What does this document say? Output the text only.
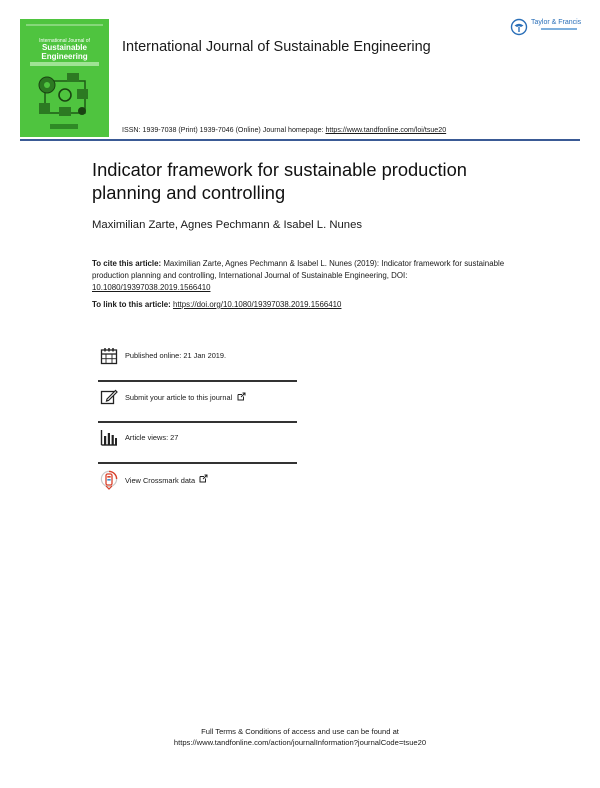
International Journal of
Sustainable Engineering
International Journal of Sustainable Engineering
Taylor & Francis
ISSN: 1939-7038 (Print) 1939-7046 (Online) Journal homepage: https://www.tandfonline.com/loi/tsue20
Indicator framework for sustainable production planning and controlling
Maximilian Zarte, Agnes Pechmann & Isabel L. Nunes
To cite this article: Maximilian Zarte, Agnes Pechmann & Isabel L. Nunes (2019): Indicator framework for sustainable production planning and controlling, International Journal of Sustainable Engineering, DOI: 10.1080/19397038.2019.1566410
To link to this article: https://doi.org/10.1080/19397038.2019.1566410
Published online: 21 Jan 2019.
Submit your article to this journal
Article views: 27
View Crossmark data
Full Terms & Conditions of access and use can be found at
https://www.tandfonline.com/action/journalInformation?journalCode=tsue20
